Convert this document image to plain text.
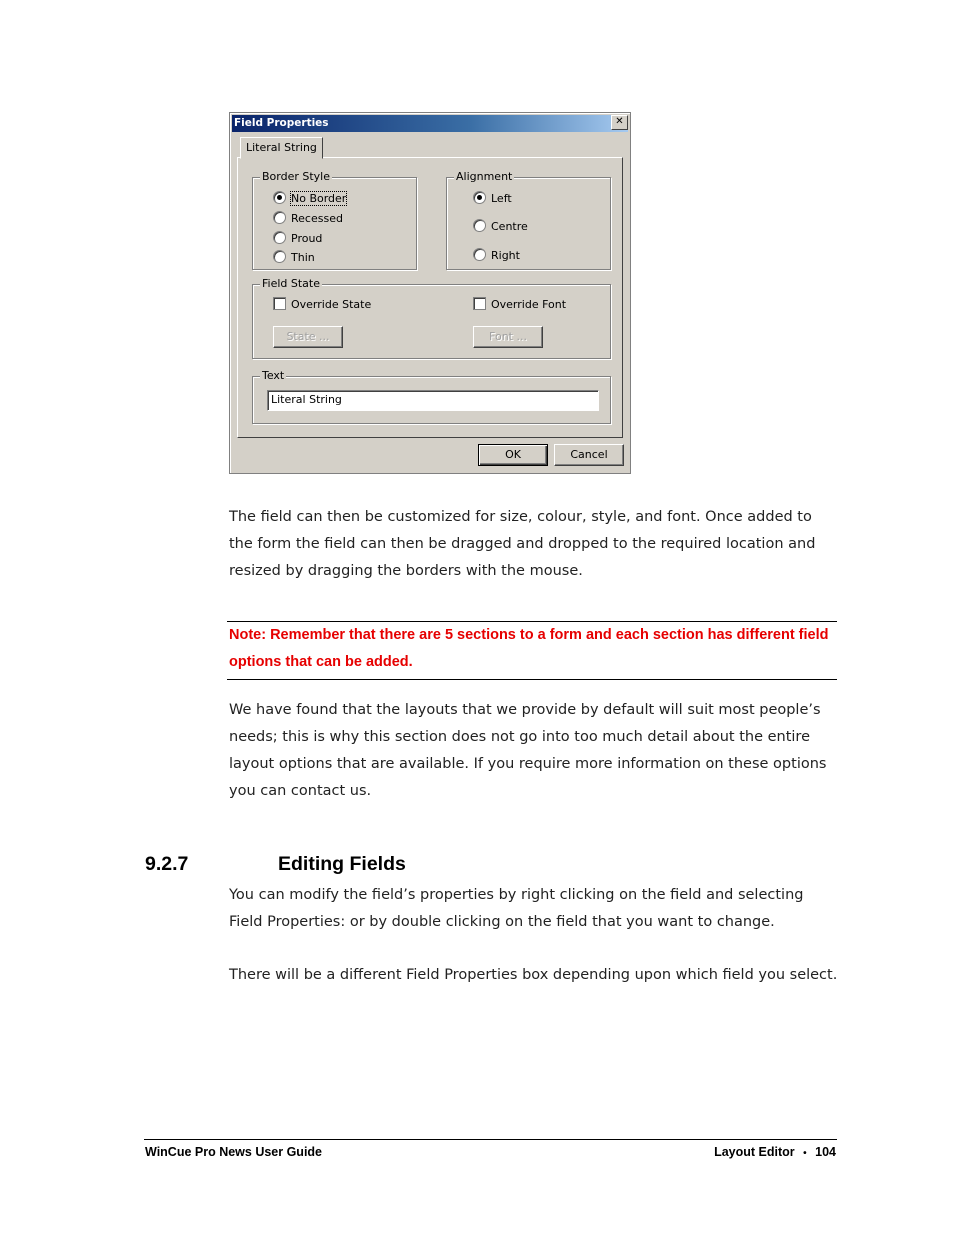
Field Properties	✕
Literal String
Border Style
No Border
Recessed
Proud
Thin
Alignment
Left
Centre
Right
Field State
Override State	Override Font
State ...	Font ...
Text
Literal String
OK	Cancel
The field can then be customized for size, colour, style, and font. Once added to the form the field can then be dragged and dropped to the required location and resized by dragging the borders with the mouse.
Note: Remember that there are 5 sections to a form and each section has different field options that can be added.
We have found that the layouts that we provide by default will suit most people’s needs; this is why this section does not go into too much detail about the entire layout options that are available. If you require more information on these options you can contact us.
9.2.7	Editing Fields
You can modify the field’s properties by right clicking on the field and selecting Field Properties: or by double clicking on the field that you want to change.
There will be a different Field Properties box depending upon which field you select.
WinCue Pro News User Guide	Layout Editor • 104
